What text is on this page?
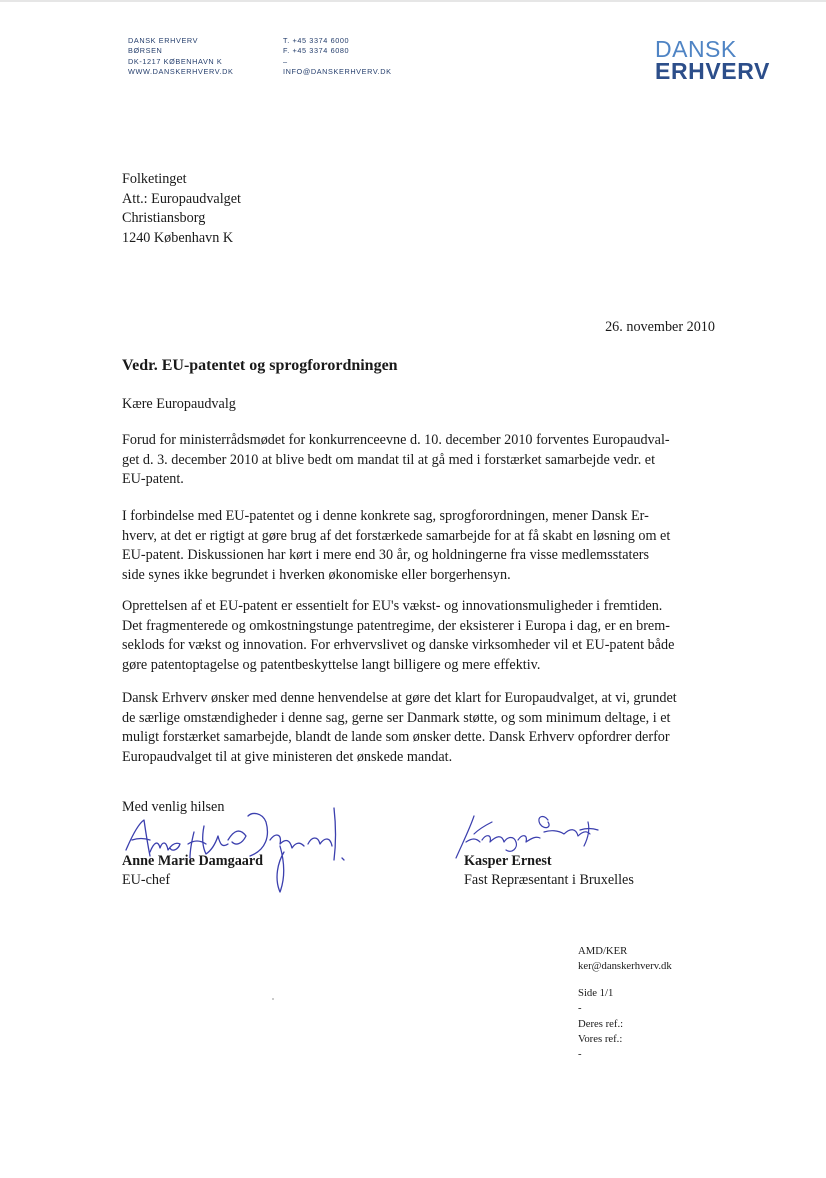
DANSK ERHVERV
BØRSEN
DK-1217 KØBENHAVN K
WWW.DANSKERHVERV.DK
T. +45 3374 6000
F. +45 3374 6080
–
INFO@DANSKERHVERV.DK
DANSK
ERHVERV
Folketinget
Att.: Europaudvalget
Christiansborg
1240 København K
26. november 2010
Vedr. EU-patentet og sprogforordningen
Kære Europaudvalg
Forud for ministerrådsmødet for konkurrenceevne d. 10. december 2010 forventes Europaudval-
get d. 3. december 2010 at blive bedt om mandat til at gå med i forstærket samarbejde vedr. et
EU-patent.
I forbindelse med EU-patentet og i denne konkrete sag, sprogforordningen, mener Dansk Er-
hverv, at det er rigtigt at gøre brug af det forstærkede samarbejde for at få skabt en løsning om et
EU-patent. Diskussionen har kørt i mere end 30 år, og holdningerne fra visse medlemsstaters
side synes ikke begrundet i hverken økonomiske eller borgerhensyn.
Oprettelsen af et EU-patent er essentielt for EU's vækst- og innovationsmuligheder i fremtiden.
Det fragmenterede og omkostningstunge patentregime, der eksisterer i Europa i dag, er en brem-
seklods for vækst og innovation. For erhvervslivet og danske virksomheder vil et EU-patent både
gøre patentoptagelse og patentbeskyttelse langt billigere og mere effektiv.
Dansk Erhverv ønsker med denne henvendelse at gøre det klart for Europaudvalget, at vi, grundet
de særlige omstændigheder i denne sag, gerne ser Danmark støtte, og som minimum deltage, i et
muligt forstærket samarbejde, blandt de lande som ønsker dette. Dansk Erhverv opfordrer derfor
Europaudvalget til at give ministeren det ønskede mandat.
Med venlig hilsen
Anne Marie Damgaard
EU-chef
Kasper Ernest
Fast Repræsentant i Bruxelles
AMD/KER
ker@danskerhverv.dk
Side 1/1
-
Deres ref.:
Vores ref.:
-
